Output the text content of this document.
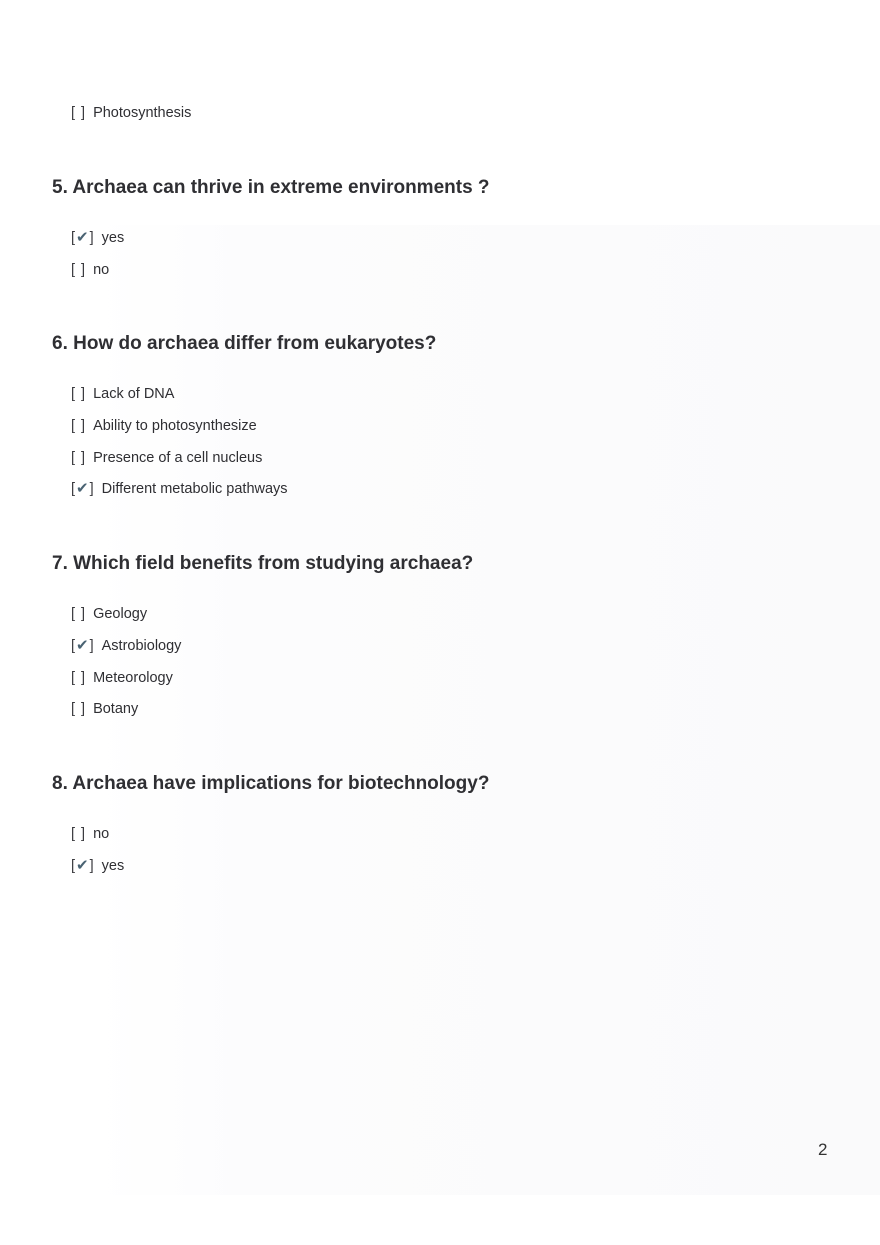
[ ] Photosynthesis
5. Archaea can thrive in extreme environments ?
[✔] yes
[ ] no
6. How do archaea differ from eukaryotes?
[ ] Lack of DNA
[ ] Ability to photosynthesize
[ ] Presence of a cell nucleus
[✔] Different metabolic pathways
7. Which field benefits from studying archaea?
[ ] Geology
[✔] Astrobiology
[ ] Meteorology
[ ] Botany
8. Archaea have implications for biotechnology?
[ ] no
[✔] yes
2
